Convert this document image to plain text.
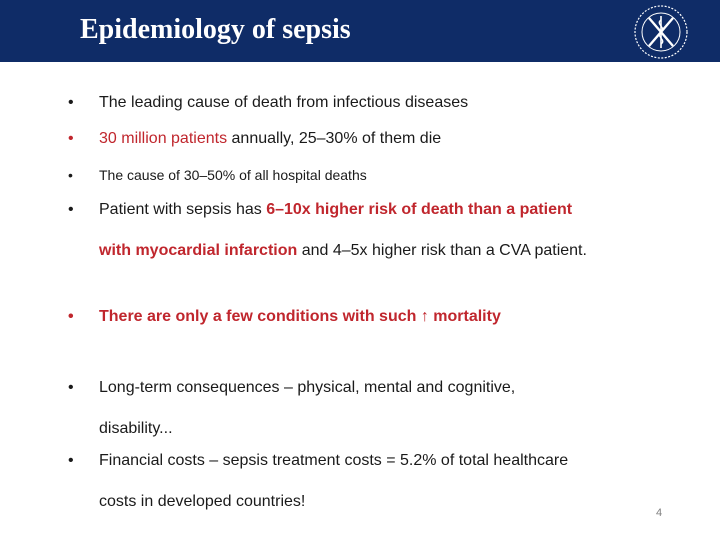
Epidemiology of sepsis
•	The leading cause of death from infectious diseases
•	30 million patients annually, 25–30% of them die
•	The cause of 30–50% of all hospital deaths
•	Patient with sepsis has 6–10x higher risk of death than a patient
with myocardial infarction and 4–5x higher risk than a CVA patient.
•	There are only a few conditions with such ↑ mortality
•	Long-term consequences – physical, mental and cognitive,
disability...
•	Financial costs – sepsis treatment costs = 5.2% of total healthcare
costs in developed countries!
4
